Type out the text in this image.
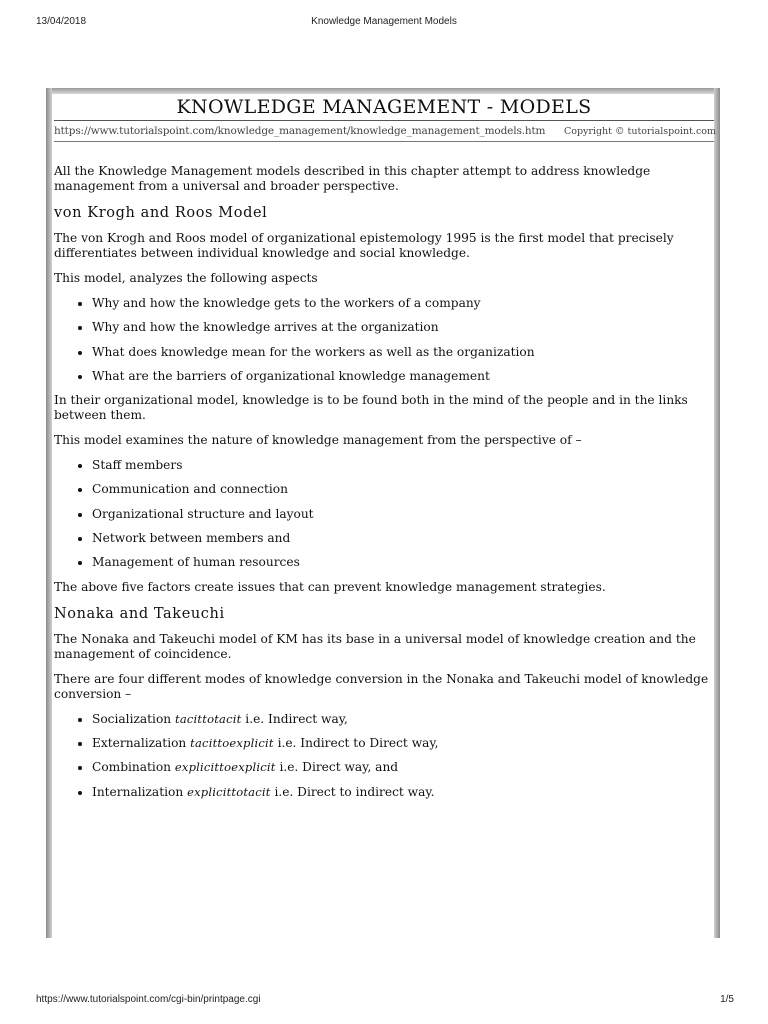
13/04/2018	Knowledge Management Models
KNOWLEDGE MANAGEMENT - MODELS
https://www.tutorialspoint.com/knowledge_management/knowledge_management_models.htm Copyright © tutorialspoint.com

All the Knowledge Management models described in this chapter attempt to address knowledge management from a universal and broader perspective.

von Krogh and Roos Model

The von Krogh and Roos model of organizational epistemology 1995 is the first model that precisely differentiates between individual knowledge and social knowledge.

This model, analyzes the following aspects

• Why and how the knowledge gets to the workers of a company
• Why and how the knowledge arrives at the organization
• What does knowledge mean for the workers as well as the organization
• What are the barriers of organizational knowledge management

In their organizational model, knowledge is to be found both in the mind of the people and in the links between them.

This model examines the nature of knowledge management from the perspective of –

• Staff members
• Communication and connection
• Organizational structure and layout
• Network between members and
• Management of human resources

The above five factors create issues that can prevent knowledge management strategies.

Nonaka and Takeuchi

The Nonaka and Takeuchi model of KM has its base in a universal model of knowledge creation and the management of coincidence.

There are four different modes of knowledge conversion in the Nonaka and Takeuchi model of knowledge conversion –

• Socialization tacittotacit i.e. Indirect way,
• Externalization tacittoexplicit i.e. Indirect to Direct way,
• Combination explicittoexplicit i.e. Direct way, and
• Internalization explicittotacit i.e. Direct to indirect way.
https://www.tutorialspoint.com/cgi-bin/printpage.cgi	1/5
